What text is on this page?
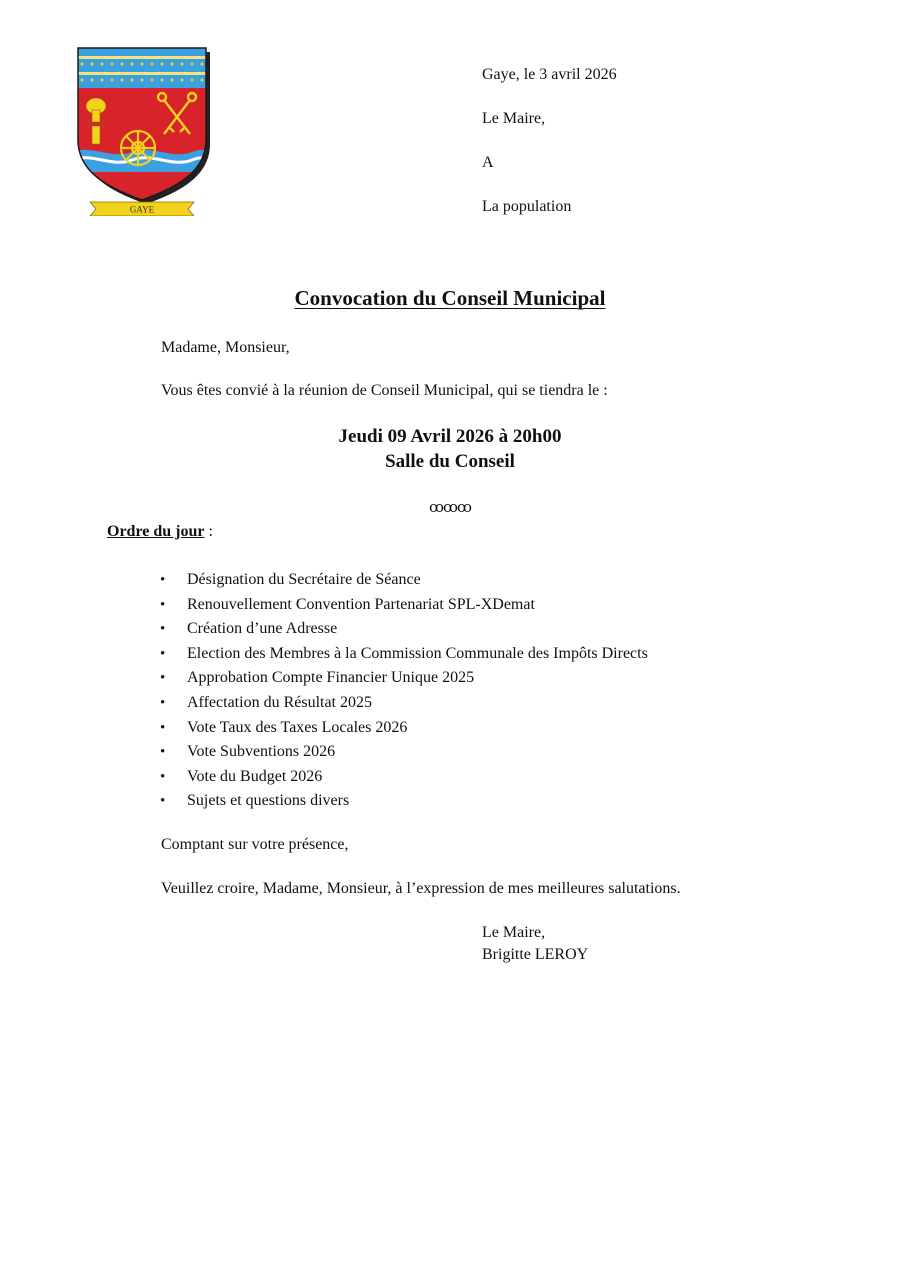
GAYE
Gaye, le 3 avril 2026
Le Maire,
A
La population
Convocation du Conseil Municipal
Madame, Monsieur,
Vous êtes convié à la réunion de Conseil Municipal, qui se tiendra le :
Jeudi 09 Avril 2026 à 20h00
Salle du Conseil
ꝏꝏꝏ
Ordre du jour :
• Désignation du Secrétaire de Séance
• Renouvellement Convention Partenariat SPL-XDemat
• Création d’une Adresse
• Election des Membres à la Commission Communale des Impôts Directs
• Approbation Compte Financier Unique 2025
• Affectation du Résultat 2025
• Vote Taux des Taxes Locales 2026
• Vote Subventions 2026
• Vote du Budget 2026
• Sujets et questions divers
Comptant sur votre présence,
Veuillez croire, Madame, Monsieur, à l’expression de mes meilleures salutations.
Le Maire,
Brigitte LEROY
